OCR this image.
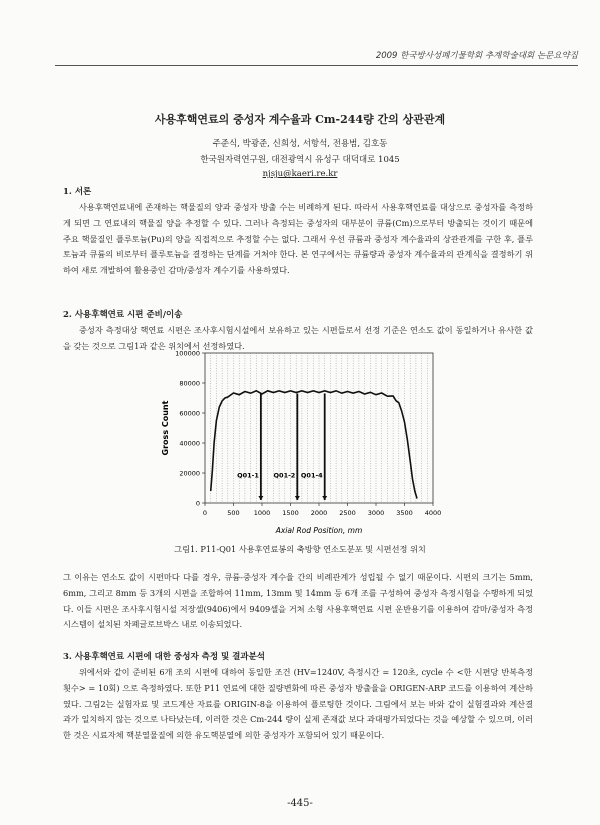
2009 한국방사성폐기물학회 추계학술대회 논문요약집
사용후핵연료의 중성자 계수율과 Cm-244량 간의 상관관계
주준식, 박광준, 신희성, 서항석, 전용범, 김호동
한국원자력연구원, 대전광역시 유성구 대덕대로 1045
njsju@kaeri.re.kr
1. 서론

사용후핵연료내에 존재하는 핵물질의 양과 중성자 방출 수는 비례하게 된다. 따라서 사용후핵연료를 대상으로 중성자를 측정하게 되면 그 연료내의 핵물질 양을 추정할 수 있다. 그러나 측정되는 중성자의 대부분이 큐륨(Cm)으로부터 방출되는 것이기 때문에 주요 핵물질인 플루토늄(Pu)의 양을 직접적으로 추정할 수는 없다. 그래서 우선 큐륨과 중성자 계수율과의 상관관계를 구한 후, 플루토늄과 큐륨의 비로부터 플루토늄을 결정하는 단계를 거쳐야 한다. 본 연구에서는 큐륨량과 중성자 계수율과의 관계식을 결정하기 위하여 새로 개발하여 활용중인 감마/중성자 계수기를 사용하였다.

2. 사용후핵연료 시편 준비/이송

중성자 측정대상 핵연료 시편은 조사후시험시설에서 보유하고 있는 시편들로서 선정 기준은 연소도 값이 동일하거나 유사한 값을 갖는 것으로 그림1과 같은 위치에서 선정하였다.

0
20000
40000
60000
80000
100000
0	500 1000 1500 2000 2500 3000 3500 4000
Q01-1 Q01-2 Q01-4
Gross Count
Axial Rod Position, mm
그림1. P11-Q01 사용후연료봉의 축방향 연소도분포 및 시편선정 위치

그 이유는 연소도 값이 시편마다 다를 경우, 큐륨-중성자 계수율 간의 비례관계가 성립될 수 없기 때문이다. 시편의 크기는 5mm, 6mm, 그리고 8mm 등 3개의 시편을 조합하여 11mm, 13mm 및 14mm 등 6개 조를 구성하여 중성자 측정시험을 수행하게 되었다. 이들 시편은 조사후시험시설 저장셀(9406)에서 9409셀을 거쳐 소형 사용후핵연료 시편 운반용기를 이용하여 감마/중성자 측정시스템이 설치된 차폐글로브박스 내로 이송되었다.

3. 사용후핵연료 시편에 대한 중성자 측정 및 결과분석

위에서와 같이 준비된 6개 조의 시편에 대하여 동일한 조건 (HV=1240V, 측정시간 = 120초, cycle 수 <한 시편당 반복측정횟수> = 10회) 으로 측정하였다. 또한 P11 연료에 대한 질량변화에 따른 중성자 방출율을 ORIGEN-ARP 코드를 이용하여 계산하였다. 그림2는 실험자료 및 코드계산 자료를 ORIGIN-8을 이용하여 플로팅한 것이다. 그림에서 보는 바와 같이 실험결과와 계산결과가 일치하지 않는 것으로 나타났는데, 이러한 것은 Cm-244 량이 실제 존재값 보다 과대평가되었다는 것을 예상할 수 있으며, 이러한 것은 시료자체 핵분열물질에 의한 유도핵분열에 의한 중성자가 포함되어 있기 때문이다.

-445-
